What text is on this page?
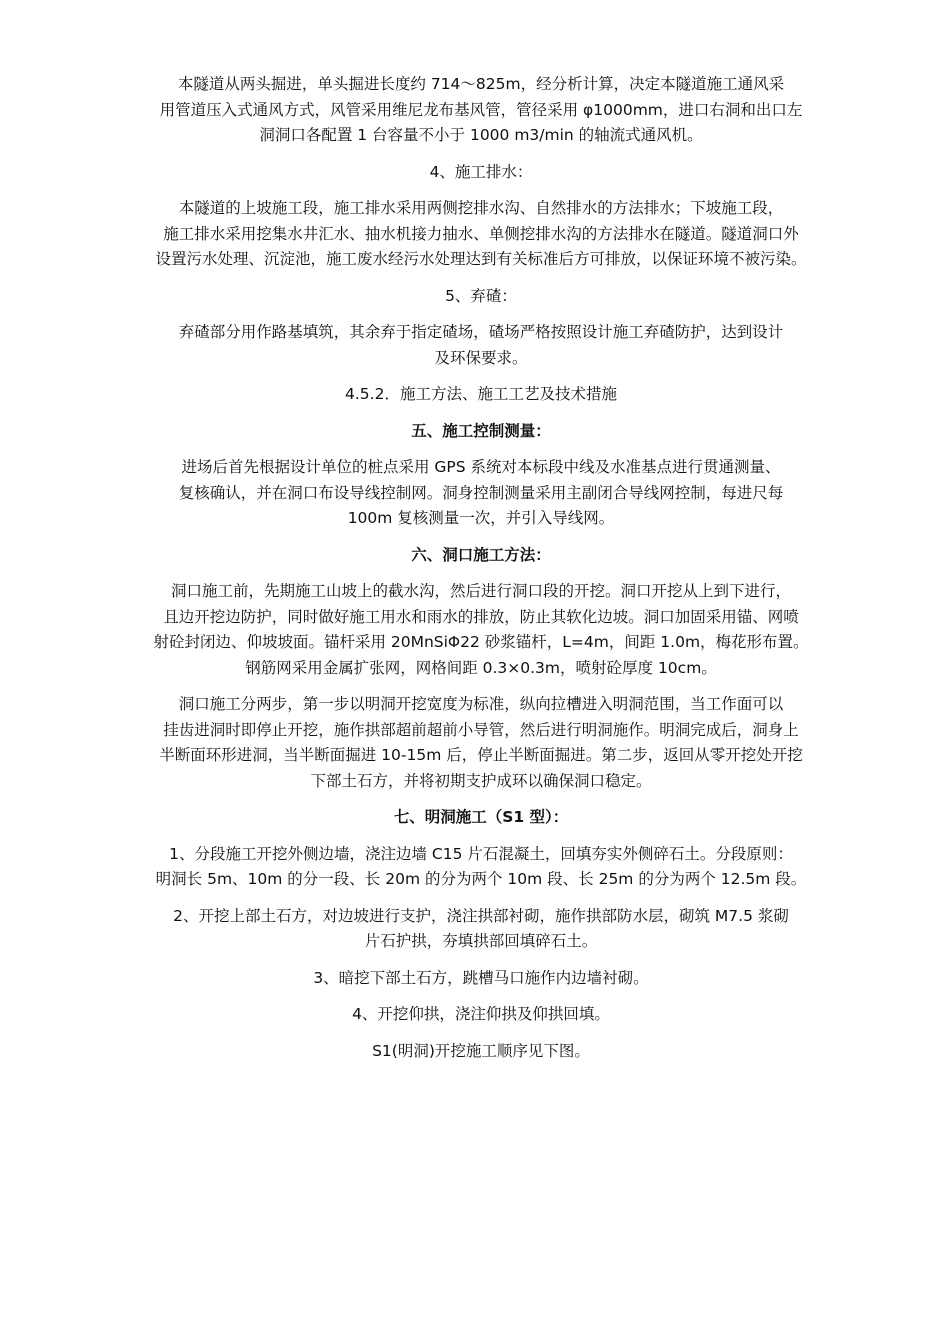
本隧道从两头掘进，单头掘进长度约 714～825m，经分析计算，决定本隧道施工通风采
用管道压入式通风方式，风管采用维尼龙布基风管，管径采用 φ1000mm，进口右洞和出口左
洞洞口各配置 1 台容量不小于 1000 m3/min 的轴流式通风机。

4、施工排水：

本隧道的上坡施工段，施工排水采用两侧挖排水沟、自然排水的方法排水；下坡施工段，
施工排水采用挖集水井汇水、抽水机接力抽水、单侧挖排水沟的方法排水在隧道。隧道洞口外
设置污水处理、沉淀池，施工废水经污水处理达到有关标准后方可排放，以保证环境不被污染。

5、弃碴：

弃碴部分用作路基填筑，其余弃于指定碴场，碴场严格按照设计施工弃碴防护，达到设计
及环保要求。

4.5.2．施工方法、施工工艺及技术措施

五、施工控制测量：

进场后首先根据设计单位的桩点采用 GPS 系统对本标段中线及水准基点进行贯通测量、
复核确认，并在洞口布设导线控制网。洞身控制测量采用主副闭合导线网控制，每进尺每
100m 复核测量一次，并引入导线网。

六、洞口施工方法：

洞口施工前，先期施工山坡上的截水沟，然后进行洞口段的开挖。洞口开挖从上到下进行，
且边开挖边防护，同时做好施工用水和雨水的排放，防止其软化边坡。洞口加固采用锚、网喷
射砼封闭边、仰坡坡面。锚杆采用 20MnSiΦ22 砂浆锚杆，L=4m，间距 1.0m，梅花形布置。
钢筋网采用金属扩张网，网格间距 0.3×0.3m，喷射砼厚度 10cm。

洞口施工分两步，第一步以明洞开挖宽度为标准，纵向拉槽进入明洞范围，当工作面可以
挂齿进洞时即停止开挖，施作拱部超前超前小导管，然后进行明洞施作。明洞完成后，洞身上
半断面环形进洞，当半断面掘进 10-15m 后，停止半断面掘进。第二步，返回从零开挖处开挖
下部土石方，并将初期支护成环以确保洞口稳定。

七、明洞施工（S1 型）：

1、分段施工开挖外侧边墙，浇注边墙 C15 片石混凝土，回填夯实外侧碎石土。分段原则：
明洞长 5m、10m 的分一段、长 20m 的分为两个 10m 段、长 25m 的分为两个 12.5m 段。

2、开挖上部土石方，对边坡进行支护，浇注拱部衬砌，施作拱部防水层，砌筑 M7.5 浆砌
片石护拱，夯填拱部回填碎石土。

3、暗挖下部土石方，跳槽马口施作内边墙衬砌。

4、开挖仰拱，浇注仰拱及仰拱回填。

S1(明洞)开挖施工顺序见下图。
